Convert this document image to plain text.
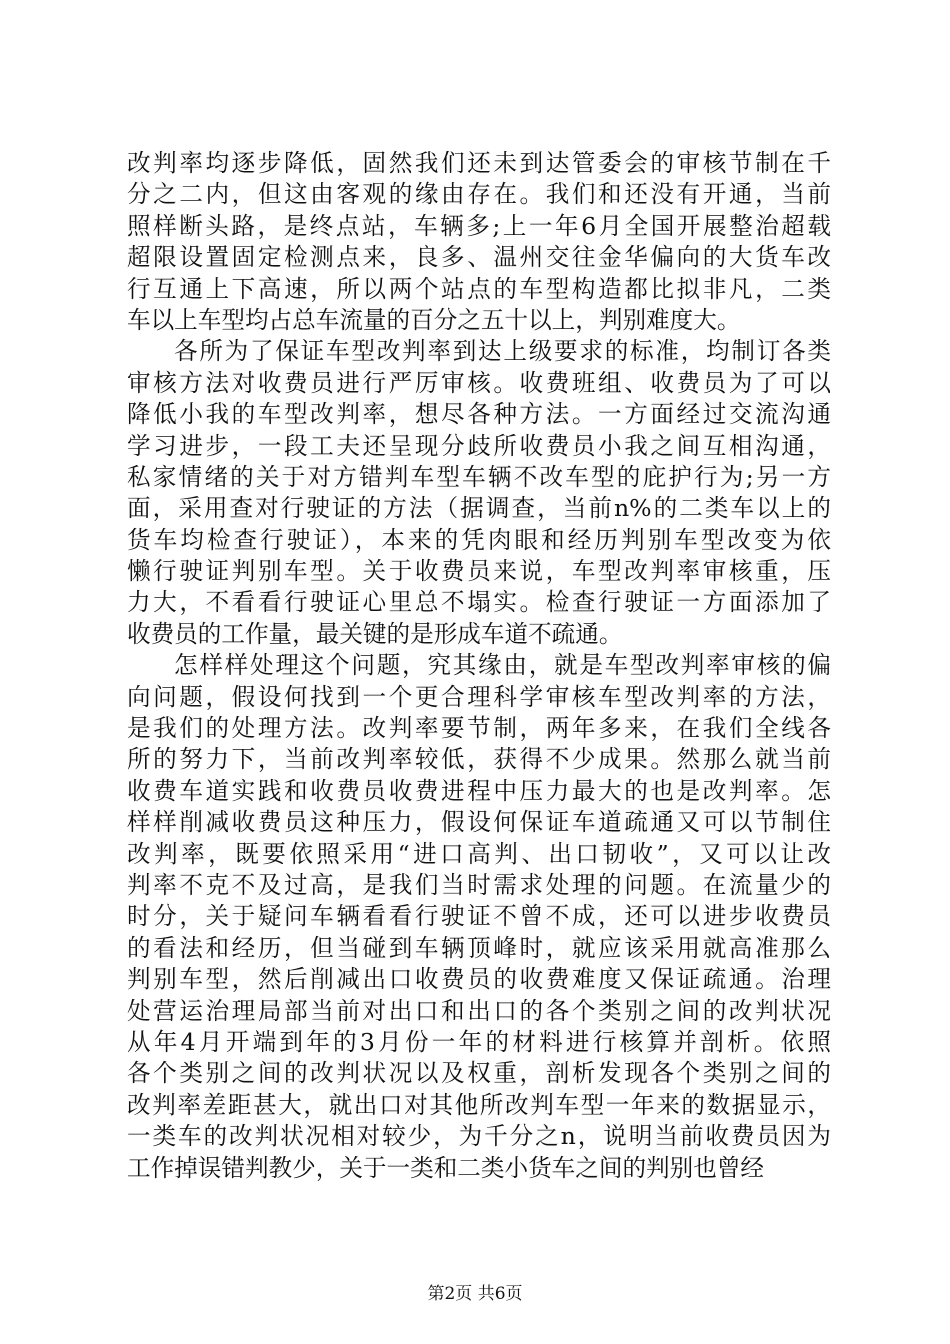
改判率均逐步降低，固然我们还未到达管委会的审核节制在千
分之二内，但这由客观的缘由存在。我们和还没有开通，当前
照样断头路，是终点站，车辆多;上一年6月全国开展整治超载
超限设置固定检测点来，良多、温州交往金华偏向的大货车改
行互通上下高速，所以两个站点的车型构造都比拟非凡，二类
车以上车型均占总车流量的百分之五十以上，判别难度大。
各所为了保证车型改判率到达上级要求的标准，均制订各类
审核方法对收费员进行严厉审核。收费班组、收费员为了可以
降低小我的车型改判率，想尽各种方法。一方面经过交流沟通
学习进步，一段工夫还呈现分歧所收费员小我之间互相沟通，
私家情绪的关于对方错判车型车辆不改车型的庇护行为;另一方
面，采用查对行驶证的方法（据调查，当前n%的二类车以上的
货车均检查行驶证），本来的凭肉眼和经历判别车型改变为依
懒行驶证判别车型。关于收费员来说，车型改判率审核重，压
力大，不看看行驶证心里总不塌实。检查行驶证一方面添加了
收费员的工作量，最关键的是形成车道不疏通。
怎样样处理这个问题，究其缘由，就是车型改判率审核的偏
向问题，假设何找到一个更合理科学审核车型改判率的方法，
是我们的处理方法。改判率要节制，两年多来，在我们全线各
所的努力下，当前改判率较低，获得不少成果。然那么就当前
收费车道实践和收费员收费进程中压力最大的也是改判率。怎
样样削减收费员这种压力，假设何保证车道疏通又可以节制住
改判率，既要依照采用“进口高判、出口韧收”，又可以让改
判率不克不及过高，是我们当时需求处理的问题。在流量少的
时分，关于疑问车辆看看行驶证不曾不成，还可以进步收费员
的看法和经历，但当碰到车辆顶峰时，就应该采用就高准那么
判别车型，然后削减出口收费员的收费难度又保证疏通。治理
处营运治理局部当前对出口和出口的各个类别之间的改判状况
从年4月开端到年的3月份一年的材料进行核算并剖析。依照
各个类别之间的改判状况以及权重，剖析发现各个类别之间的
改判率差距甚大，就出口对其他所改判车型一年来的数据显示，
一类车的改判状况相对较少，为千分之n，说明当前收费员因为
工作掉误错判教少，关于一类和二类小货车之间的判别也曾经
第2页 共6页
